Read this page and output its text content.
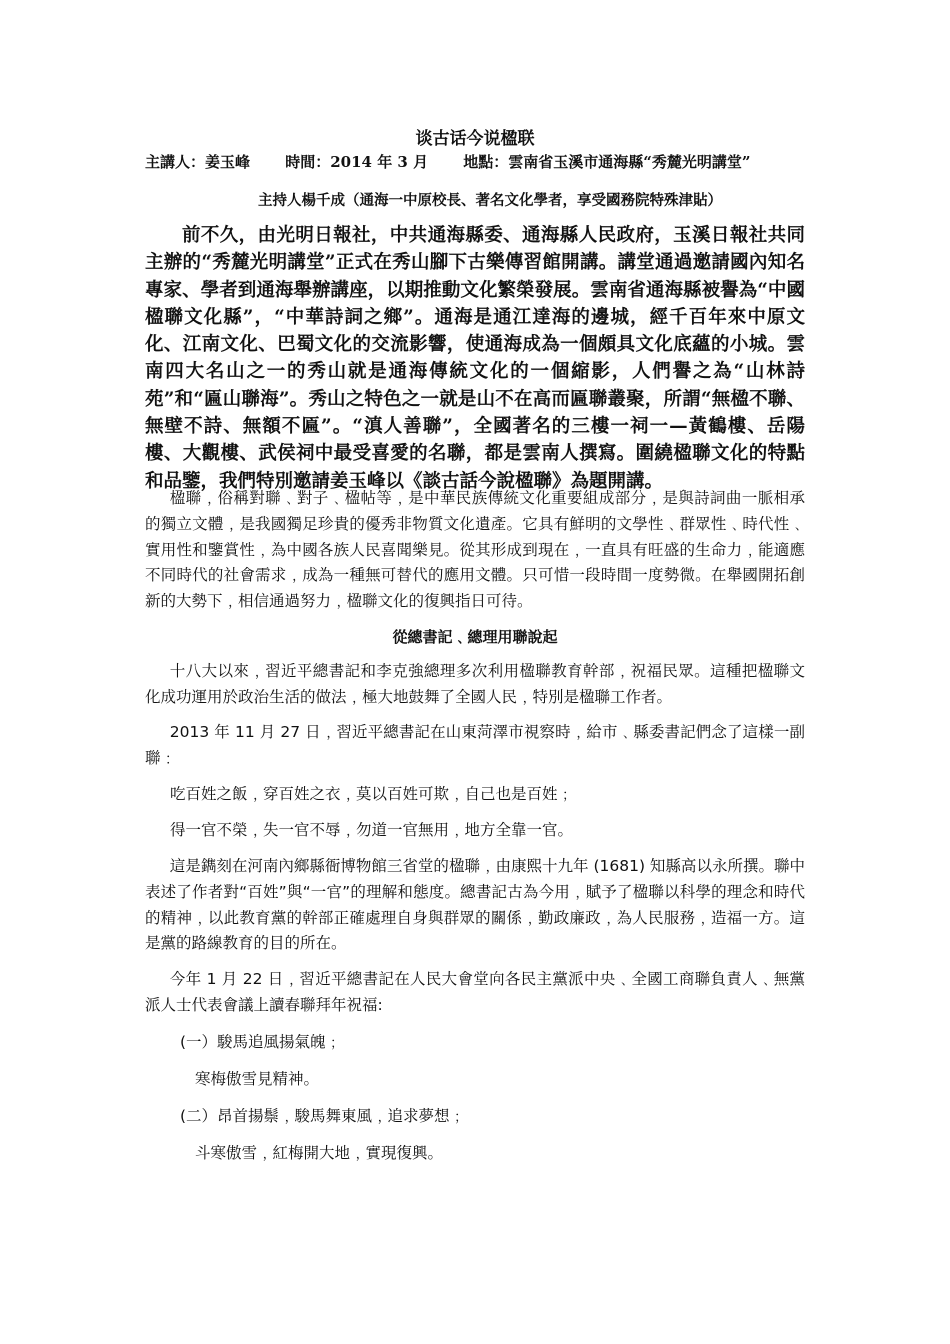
谈古话今说楹联
主講人：姜玉峰　　 時間：2014 年 3 月　　 地點：雲南省玉溪市通海縣“秀麓光明講堂”
主持人楊千成（通海一中原校長、著名文化學者，享受國務院特殊津貼）
前不久，由光明日報社，中共通海縣委、通海縣人民政府，玉溪日報社共同主辦的“秀麓光明講堂”正式在秀山腳下古樂傳習館開講。講堂通過邀請國內知名專家、學者到通海舉辦講座，以期推動文化繁榮發展。雲南省通海縣被譽為“中國楹聯文化縣”，“中華詩詞之鄉”。通海是通江達海的邊城，經千百年來中原文化、江南文化、巴蜀文化的交流影響，使通海成為一個頗具文化底蘊的小城。雲南四大名山之一的秀山就是通海傳統文化的一個縮影，人們譽之為“山林詩苑”和“匾山聯海”。秀山之特色之一就是山不在高而匾聯叢聚，所謂“無楹不聯、無壁不詩、無額不匾”。“滇人善聯”，全國著名的三樓一祠一—黃鶴樓、岳陽樓、大觀樓、武侯祠中最受喜愛的名聯，都是雲南人撰寫。圍繞楹聯文化的特點和品鑒，我們特別邀請姜玉峰以《談古話今說楹聯》為題開講。
楹聯﹐俗稱對聯﹑對子﹑楹帖等﹐是中華民族傳統文化重要組成部分﹐是與詩詞曲一脈相承的獨立文體﹐是我國獨足珍貴的優秀非物質文化遺產。它具有鮮明的文學性﹑群眾性﹑時代性﹑實用性和鑒賞性﹐為中國各族人民喜聞樂見。從其形成到現在﹐一直具有旺盛的生命力﹐能適應不同時代的社會需求﹐成為一種無可替代的應用文體。只可惜一段時間一度勢微。在舉國開拓創新的大勢下﹐相信通過努力﹐楹聯文化的復興指日可待。
從總書記﹑總理用聯說起
十八大以來﹐習近平總書記和李克強總理多次利用楹聯教育幹部﹐祝福民眾。這種把楹聯文化成功運用於政治生活的做法﹐極大地鼓舞了全國人民﹐特別是楹聯工作者。
2013 年 11 月 27 日﹐習近平總書記在山東菏澤市視察時﹐給市﹑縣委書記們念了這樣一副聯﹕
吃百姓之飯﹐穿百姓之衣﹐莫以百姓可欺﹐自己也是百姓﹔
得一官不榮﹐失一官不辱﹐勿道一官無用﹐地方全靠一官。
這是鐫刻在河南內鄉縣衙博物館三省堂的楹聯﹐由康熙十九年 (1681) 知縣高以永所撰。聯中表述了作者對“百姓”與“一官”的理解和態度。總書記古為今用﹐賦予了楹聯以科學的理念和時代的精神﹐以此教育黨的幹部正確處理自身與群眾的關係﹐勤政廉政﹐為人民服務﹐造福一方。這是黨的路線教育的目的所在。
今年 1 月 22 日﹐習近平總書記在人民大會堂向各民主黨派中央﹑全國工商聯負責人﹑無黨派人士代表會議上讀春聯拜年祝福:
(一）駿馬追風揚氣魄﹔
寒梅傲雪見精神。
(二）昂首揚鬃﹐駿馬舞東風﹐追求夢想﹔
斗寒傲雪﹐紅梅開大地﹐實現復興。
